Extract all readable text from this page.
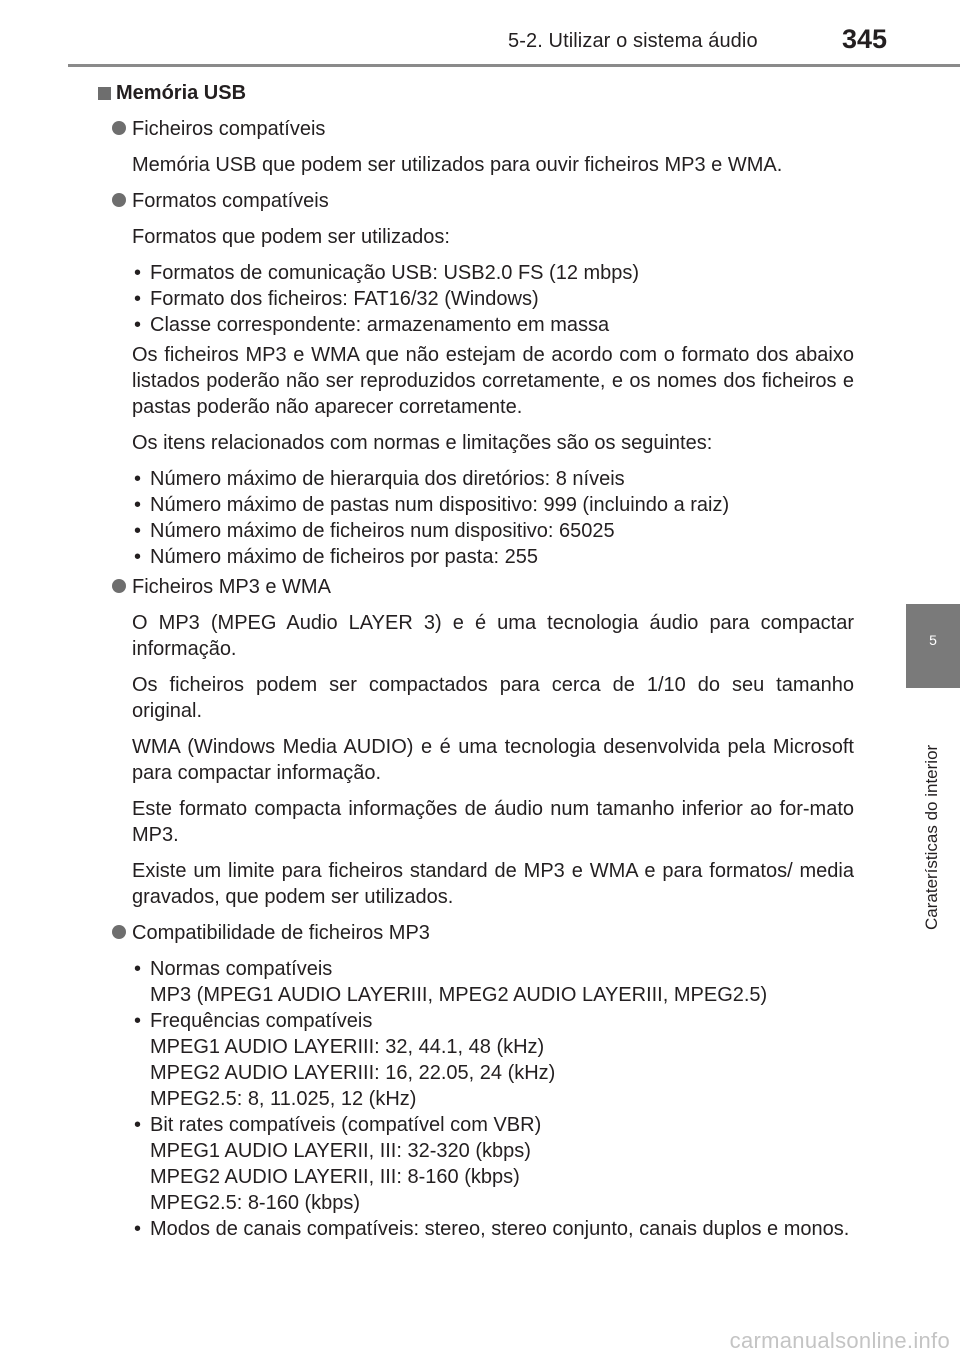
5-2. Utilizar o sistema áudio	345
5
Caraterísticas do interior
Memória USB
Ficheiros compatíveis
Memória USB que podem ser utilizados para ouvir ficheiros MP3 e WMA.
Formatos compatíveis
Formatos que podem ser utilizados:
• Formatos de comunicação USB: USB2.0 FS (12 mbps)
• Formato dos ficheiros: FAT16/32 (Windows)
• Classe correspondente: armazenamento em massa
Os ficheiros MP3 e WMA que não estejam de acordo com o formato dos abaixo listados poderão não ser reproduzidos corretamente, e os nomes dos ficheiros e pastas poderão não aparecer corretamente.
Os itens relacionados com normas e limitações são os seguintes:
• Número máximo de hierarquia dos diretórios: 8 níveis
• Número máximo de pastas num dispositivo: 999 (incluindo a raiz)
• Número máximo de ficheiros num dispositivo: 65025
• Número máximo de ficheiros por pasta: 255
Ficheiros MP3 e WMA
O MP3 (MPEG Audio LAYER 3) e é uma tecnologia áudio para compactar informação.
Os ficheiros podem ser compactados para cerca de 1/10 do seu tamanho original.
WMA (Windows Media AUDIO) e é uma tecnologia desenvolvida pela Microsoft para compactar informação.
Este formato compacta informações de áudio num tamanho inferior ao for-mato MP3.
Existe um limite para ficheiros standard de MP3 e WMA e para formatos/ media gravados, que podem ser utilizados.
Compatibilidade de ficheiros MP3
• Normas compatíveis
MP3 (MPEG1 AUDIO LAYERIII, MPEG2 AUDIO LAYERIII, MPEG2.5)
• Frequências compatíveis
MPEG1 AUDIO LAYERIII: 32, 44.1, 48 (kHz)
MPEG2 AUDIO LAYERIII: 16, 22.05, 24 (kHz)
MPEG2.5: 8, 11.025, 12 (kHz)
• Bit rates compatíveis (compatível com VBR)
MPEG1 AUDIO LAYERII, III: 32-320 (kbps)
MPEG2 AUDIO LAYERII, III: 8-160 (kbps)
MPEG2.5: 8-160 (kbps)
• Modos de canais compatíveis: stereo, stereo conjunto, canais duplos e monos.
carmanualsonline.info
